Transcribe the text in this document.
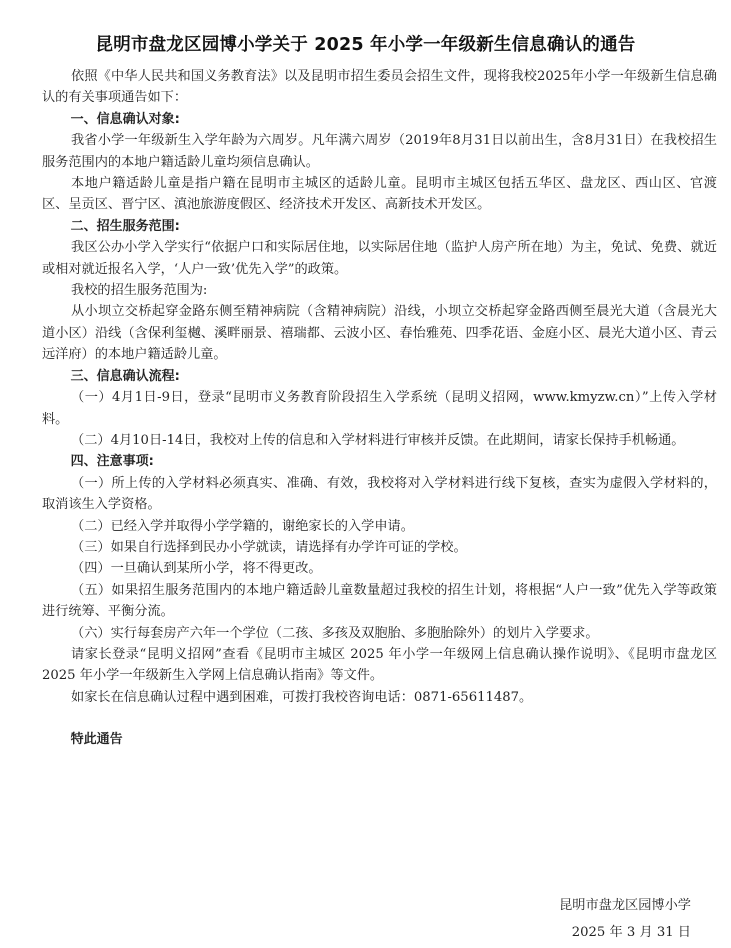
昆明市盘龙区园博小学关于 2025 年小学一年级新生信息确认的通告

依照《中华人民共和国义务教育法》以及昆明市招生委员会招生文件，现将我校2025年小学一年级新生信息确认的有关事项通告如下：

一、信息确认对象:

我省小学一年级新生入学年龄为六周岁。凡年满六周岁（2019年8月31日以前出生，含8月31日）在我校招生服务范围内的本地户籍适龄儿童均须信息确认。

本地户籍适龄儿童是指户籍在昆明市主城区的适龄儿童。昆明市主城区包括五华区、盘龙区、西山区、官渡区、呈贡区、晋宁区、滇池旅游度假区、经济技术开发区、高新技术开发区。

二、招生服务范围:

我区公办小学入学实行“依据户口和实际居住地，以实际居住地（监护人房产所在地）为主，免试、免费、就近或相对就近报名入学，‘人户一致’优先入学”的政策。

我校的招生服务范围为:

从小坝立交桥起穿金路东侧至精神病院（含精神病院）沿线，小坝立交桥起穿金路西侧至晨光大道（含晨光大道小区）沿线（含保利玺樾、溪畔丽景、禧瑞都、云波小区、春怡雅苑、四季花语、金庭小区、晨光大道小区、青云远洋府）的本地户籍适龄儿童。

三、信息确认流程:

（一）4月1日-9日，登录“昆明市义务教育阶段招生入学系统（昆明义招网，www.kmyzw.cn）”上传入学材料。

（二）4月10日-14日，我校对上传的信息和入学材料进行审核并反馈。在此期间，请家长保持手机畅通。

四、注意事项:

（一）所上传的入学材料必须真实、准确、有效，我校将对入学材料进行线下复核，查实为虚假入学材料的，取消该生入学资格。

（二）已经入学并取得小学学籍的，谢绝家长的入学申请。

（三）如果自行选择到民办小学就读，请选择有办学许可证的学校。

（四）一旦确认到某所小学，将不得更改。

（五）如果招生服务范围内的本地户籍适龄儿童数量超过我校的招生计划，将根据“人户一致”优先入学等政策进行统筹、平衡分流。

（六）实行每套房产六年一个学位（二孩、多孩及双胞胎、多胞胎除外）的划片入学要求。

请家长登录“昆明义招网”查看《昆明市主城区 2025 年小学一年级网上信息确认操作说明》、《昆明市盘龙区 2025 年小学一年级新生入学网上信息确认指南》等文件。

如家长在信息确认过程中遇到困难，可拨打我校咨询电话：0871-65611487。

特此通告

昆明市盘龙区园博小学
2025 年 3 月 31 日
